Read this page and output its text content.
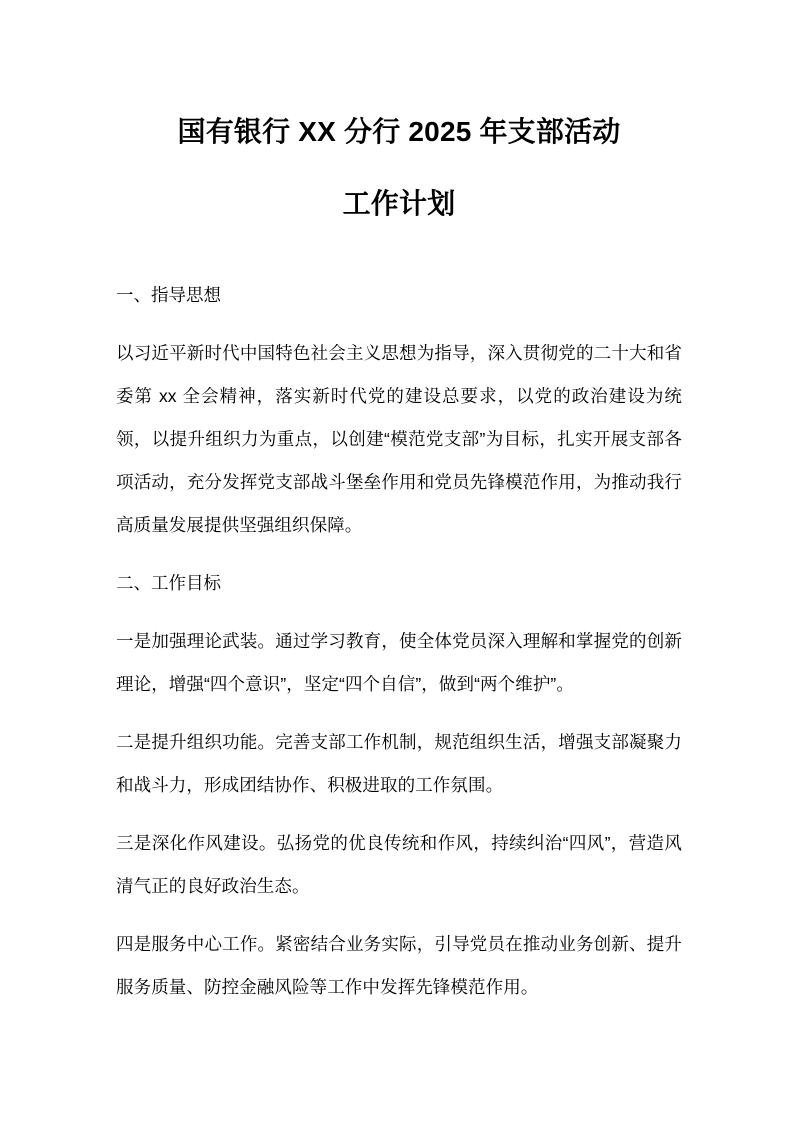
国有银行 XX 分行 2025 年支部活动
工作计划
一、指导思想

以习近平新时代中国特色社会主义思想为指导，深入贯彻党的二十大和省委第 xx 全会精神，落实新时代党的建设总要求，以党的政治建设为统领，以提升组织力为重点，以创建“模范党支部”为目标，扎实开展支部各项活动，充分发挥党支部战斗堡垒作用和党员先锋模范作用，为推动我行高质量发展提供坚强组织保障。

二、工作目标

一是加强理论武装。通过学习教育，使全体党员深入理解和掌握党的创新理论，增强“四个意识”，坚定“四个自信”，做到“两个维护”。

二是提升组织功能。完善支部工作机制，规范组织生活，增强支部凝聚力和战斗力，形成团结协作、积极进取的工作氛围。

三是深化作风建设。弘扬党的优良传统和作风，持续纠治“四风”，营造风清气正的良好政治生态。

四是服务中心工作。紧密结合业务实际，引导党员在推动业务创新、提升服务质量、防控金融风险等工作中发挥先锋模范作用。
